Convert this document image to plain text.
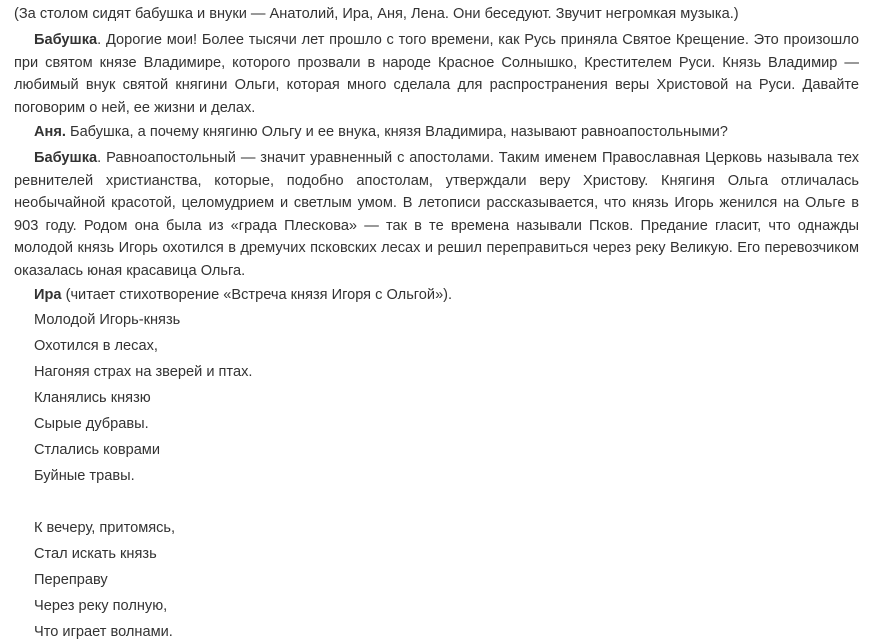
(За столом сидят бабушка и внуки — Анатолий, Ира, Аня, Лена. Они беседуют. Звучит негромкая музыка.)

Бабушка. Дорогие мои! Более тысячи лет прошло с того времени, как Русь приняла Святое Крещение. Это произошло при святом князе Владимире, которого прозвали в народе Красное Солнышко, Крестителем Руси. Князь Владимир — любимый внук святой княгини Ольги, которая много сделала для распространения веры Христовой на Руси. Давайте поговорим о ней, ее жизни и делах.

Аня. Бабушка, а почему княгиню Ольгу и ее внука, князя Владимира, называют равноапостольными?

Бабушка. Равноапостольный — значит уравненный с апостолами. Таким именем Православная Церковь называла тех ревнителей христианства, которые, подобно апостолам, утверждали веру Христову. Княгиня Ольга отличалась необычайной красотой, целомудрием и светлым умом. В летописи рассказывается, что князь Игорь женился на Ольге в 903 году. Родом она была из «града Плескова» — так в те времена называли Псков. Предание гласит, что однажды молодой князь Игорь охотился в дремучих псковских лесах и решил переправиться через реку Великую. Его перевозчиком оказалась юная красавица Ольга.

Ира (читает стихотворение «Встреча князя Игоря с Ольгой»).

Молодой Игорь-князь
Охотился в лесах,
Нагоняя страх на зверей и птах.
Кланялись князю
Сырые дубравы.
Стлались коврами
Буйные травы.
К вечеру, притомясь,
Стал искать князь
Переправу
Через реку полную,
Что играет волнами.
